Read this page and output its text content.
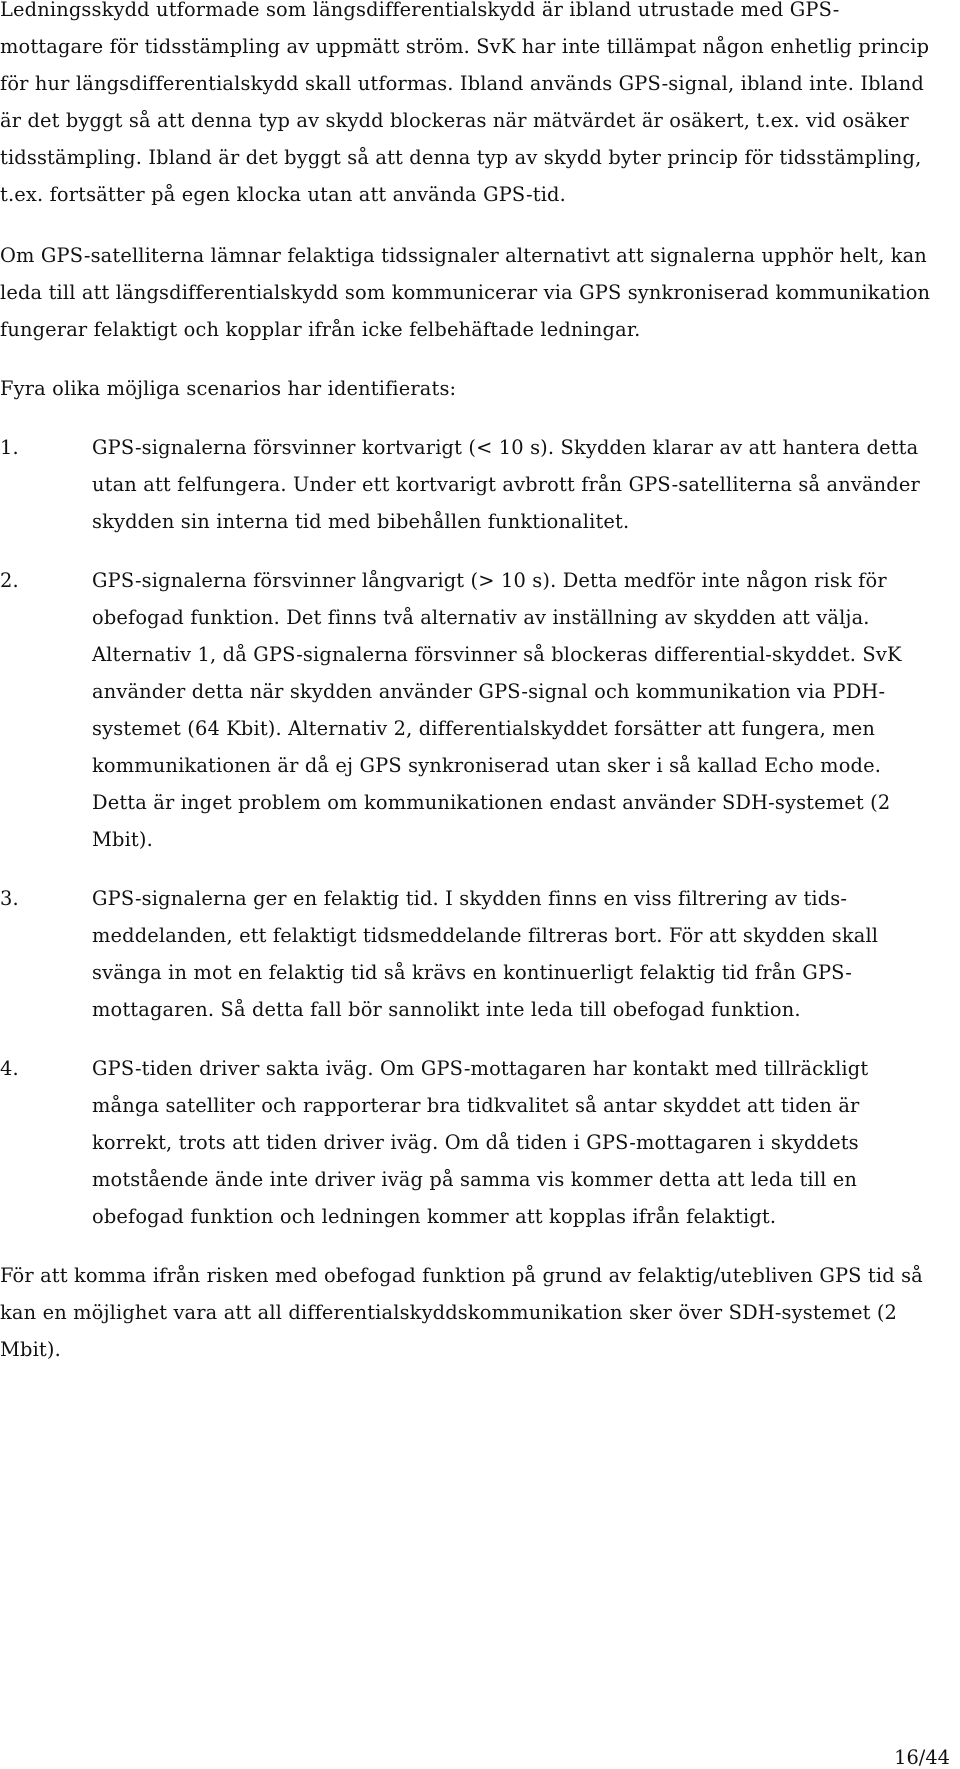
Ledningsskydd utformade som längsdifferentialskydd är ibland utrustade med GPS-mottagare för tidsstämpling av uppmätt ström. SvK har inte tillämpat någon enhetlig princip för hur längsdifferentialskydd skall utformas. Ibland används GPS-signal, ibland inte. Ibland är det byggt så att denna typ av skydd blockeras när mätvärdet är osäkert, t.ex. vid osäker tidsstämpling. Ibland är det byggt så att denna typ av skydd byter princip för tidsstämpling, t.ex. fortsätter på egen klocka utan att använda GPS-tid.

Om GPS-satelliterna lämnar felaktiga tidssignaler alternativt att signalerna upphör helt, kan leda till att längsdifferentialskydd som kommunicerar via GPS synkroniserad kommunikation fungerar felaktigt och kopplar ifrån icke felbehäftade ledningar.

Fyra olika möjliga scenarios har identifierats:

1.	GPS-signalerna försvinner kortvarigt (< 10 s). Skydden klarar av att hantera detta utan att felfungera. Under ett kortvarigt avbrott från GPS-satelliterna så använder skydden sin interna tid med bibehållen funktionalitet.
2.	GPS-signalerna försvinner långvarigt (> 10 s). Detta medför inte någon risk för obefogad funktion. Det finns två alternativ av inställning av skydden att välja. Alternativ 1, då GPS-signalerna försvinner så blockeras differential-skyddet. SvK använder detta när skydden använder GPS-signal och kommunikation via PDH-systemet (64 Kbit). Alternativ 2, differentialskyddet forsätter att fungera, men kommunikationen är då ej GPS synkroniserad utan sker i så kallad Echo mode. Detta är inget problem om kommunikationen endast använder SDH-systemet (2 Mbit).
3.	GPS-signalerna ger en felaktig tid. I skydden finns en viss filtrering av tids-meddelanden, ett felaktigt tidsmeddelande filtreras bort. För att skydden skall svänga in mot en felaktig tid så krävs en kontinuerligt felaktig tid från GPS-mottagaren. Så detta fall bör sannolikt inte leda till obefogad funktion.
4.	GPS-tiden driver sakta iväg. Om GPS-mottagaren har kontakt med tillräckligt många satelliter och rapporterar bra tidkvalitet så antar skyddet att tiden är korrekt, trots att tiden driver iväg. Om då tiden i GPS-mottagaren i skyddets motstående ände inte driver iväg på samma vis kommer detta att leda till en obefogad funktion och ledningen kommer att kopplas ifrån felaktigt.

För att komma ifrån risken med obefogad funktion på grund av felaktig/utebliven GPS tid så kan en möjlighet vara att all differentialskyddskommunikation sker över SDH-systemet (2 Mbit).

16/44
